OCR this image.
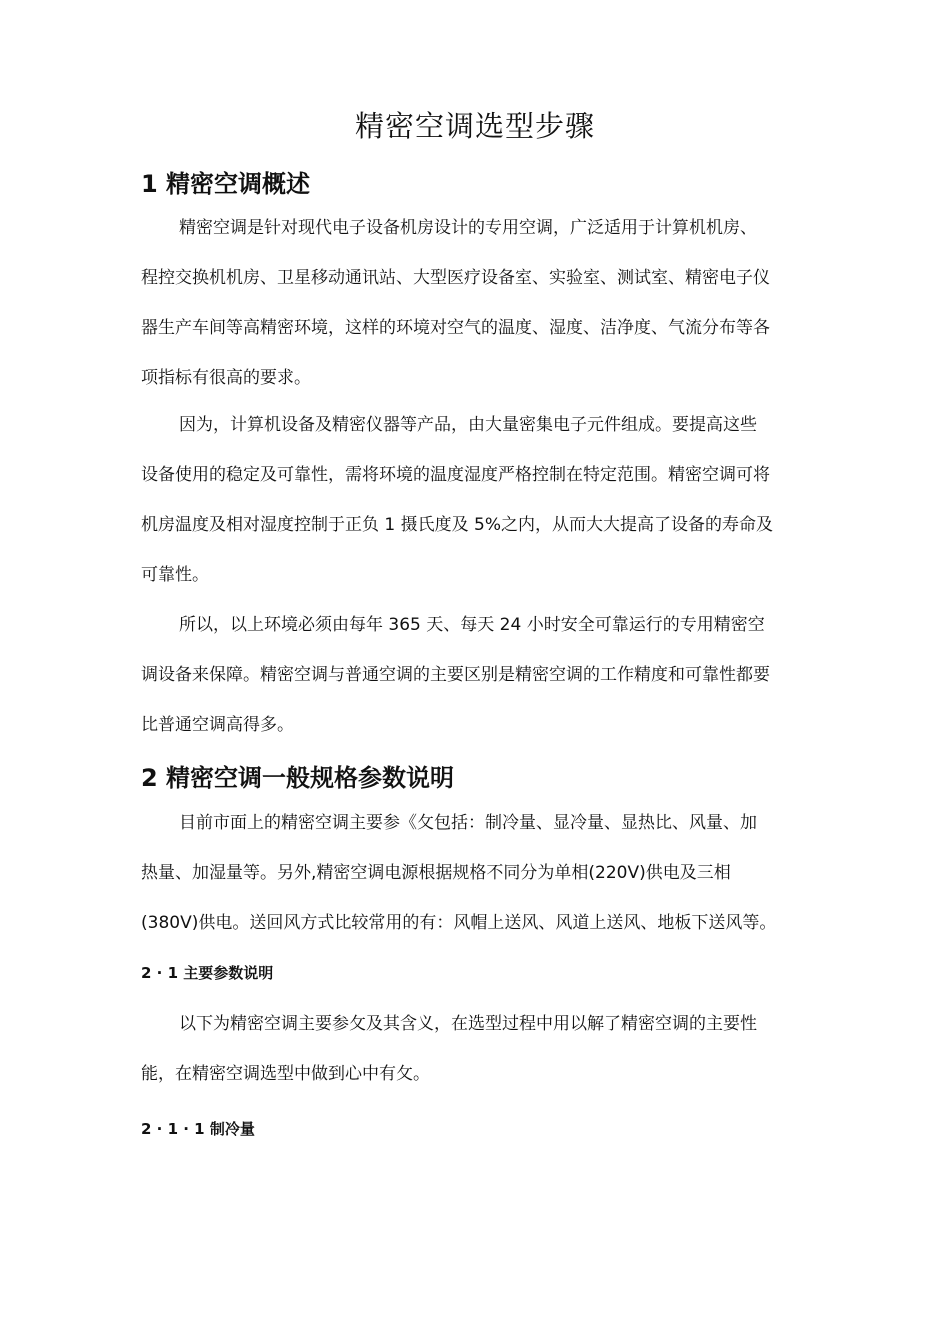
精密空调选型步骤
1 精密空调概述
精密空调是针对现代电子设备机房设计的专用空调，广泛适用于计算机机房、
程控交换机机房、卫星移动通讯站、大型医疗设备室、实验室、测试室、精密电子仪
器生产车间等高精密环境，这样的环境对空气的温度、湿度、洁净度、气流分布等各
项指标有很高的要求。
因为，计算机设备及精密仪器等产品，由大量密集电子元件组成。要提高这些
设备使用的稳定及可靠性，需将环境的温度湿度严格控制在特定范围。精密空调可将
机房温度及相对湿度控制于正负 1 摄氏度及 5%之内，从而大大提高了设备的寿命及
可靠性。
所以，以上环境必须由每年 365 天、每天 24 小时安全可靠运行的专用精密空
调设备来保障。精密空调与普通空调的主要区别是精密空调的工作精度和可靠性都要
比普通空调高得多。
2 精密空调一般规格参数说明
目前市面上的精密空调主要参《攵包括：制冷量、显冷量、显热比、风量、加
热量、加湿量等。另外,精密空调电源根据规格不同分为单相(220V)供电及三相
(380V)供电。送回风方式比较常用的有：风帽上送风、风道上送风、地板下送风等。
2 · 1 主要参数说明
以下为精密空调主要参攵及其含义，在选型过程中用以解了精密空调的主要性
能，在精密空调选型中做到心中有攵。
2 · 1 · 1 制冷量
